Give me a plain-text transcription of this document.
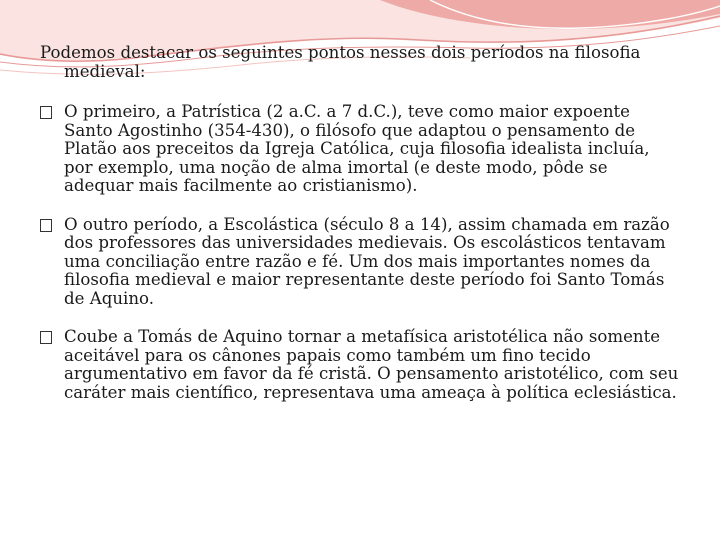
Podemos destacar os seguintes pontos nesses dois períodos na filosofia medieval:

O primeiro, a Patrística (2 a.C. a 7 d.C.), teve como maior expoente Santo Agostinho (354-430), o filósofo que adaptou o pensamento de Platão aos preceitos da Igreja Católica, cuja filosofia idealista incluía, por exemplo, uma noção de alma imortal (e deste modo, pôde se adequar mais facilmente ao cristianismo).
O outro período, a Escolástica (século 8 a 14), assim chamada em razão dos professores das universidades medievais. Os escolásticos tentavam uma conciliação entre razão e fé. Um dos mais importantes nomes da filosofia medieval e maior representante deste período foi Santo Tomás de Aquino.
Coube a Tomás de Aquino tornar a metafísica aristotélica não somente aceitável para os cânones papais como também um fino tecido argumentativo em favor da fé cristã. O pensamento aristotélico, com seu caráter mais científico, representava uma ameaça à política eclesiástica.
